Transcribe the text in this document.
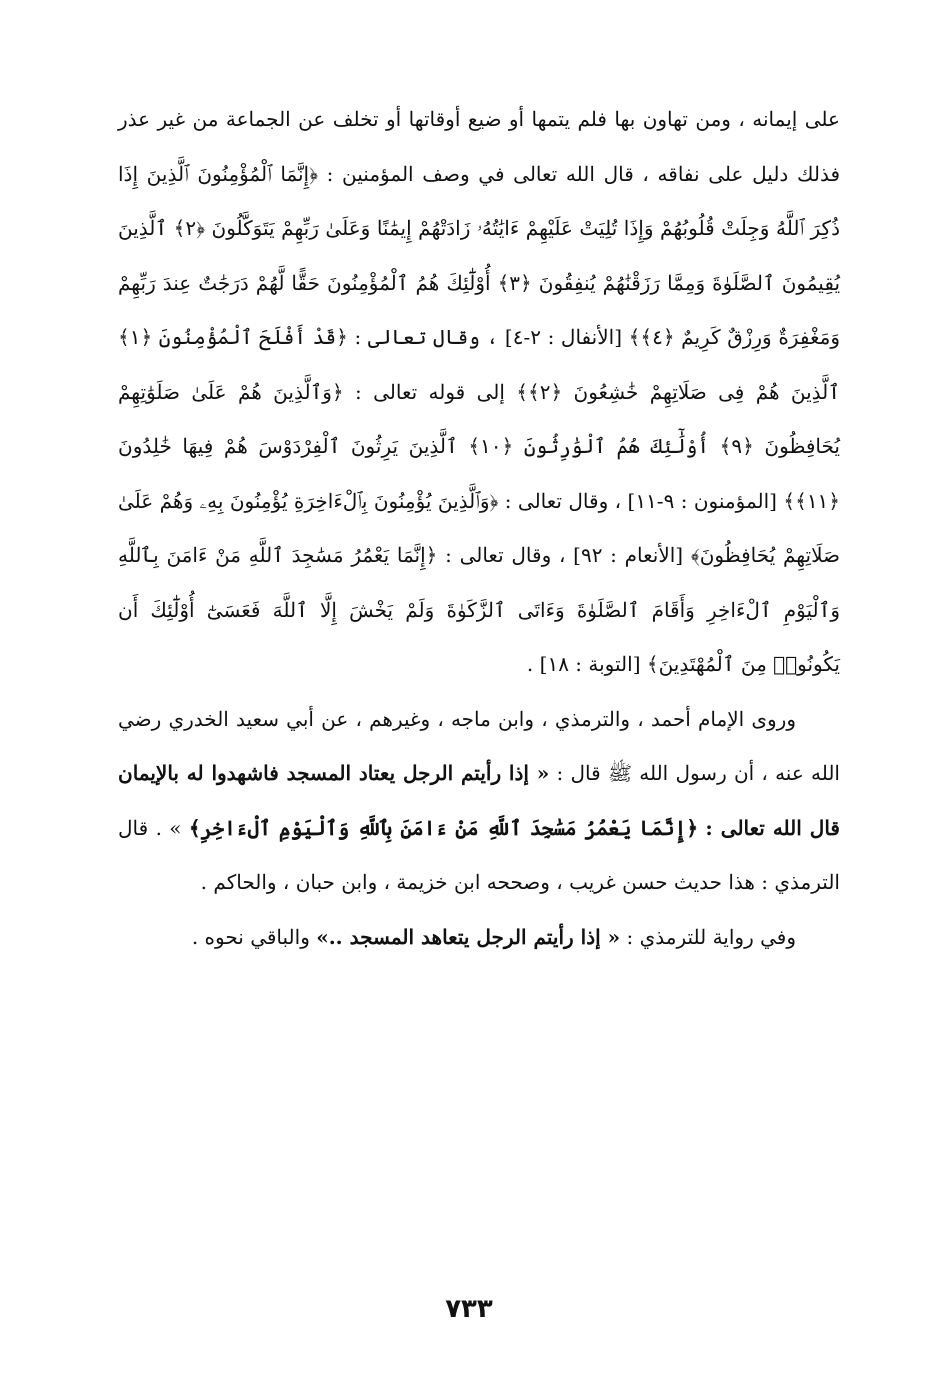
على إيمانه ، ومن تهاون بها فلم يتمها أو ضيع أوقاتها أو تخلف عن الجماعة من غير عذر فذلك دليل على نفاقه ، قال الله تعالى في وصف المؤمنين : ﴿إِنَّمَا ٱلْمُؤْمِنُونَ ٱلَّذِينَ إِذَا ذُكِرَ ٱللَّهُ وَجِلَتْ قُلُوبُهُمْ وَإِذَا تُلِيَتْ عَلَيْهِمْ ءَايَٰتُهُۥ زَادَتْهُمْ إِيمَٰنًا وَعَلَىٰ رَبِّهِمْ يَتَوَكَّلُونَ ﴿٢﴾ ٱلَّذِينَ يُقِيمُونَ ٱلصَّلَوٰةَ وَمِمَّا رَزَقْنَٰهُمْ يُنفِقُونَ ﴿٣﴾ أُوْلَٰٓئِكَ هُمُ ٱلْمُؤْمِنُونَ حَقًّا لَّهُمْ دَرَجَٰتٌ عِندَ رَبِّهِمْ وَمَغْفِرَةٌ وَرِزْقٌ كَرِيمٌ ﴿٤﴾﴾ [الأنفال : ٢-٤] ، وقال تعالى : ﴿قَدْ أَفْلَحَ ٱلْمُؤْمِنُونَ ﴿١﴾ ٱلَّذِينَ هُمْ فِى صَلَاتِهِمْ خَٰشِعُونَ ﴿٢﴾﴾ إلى قوله تعالى : ﴿وَٱلَّذِينَ هُمْ عَلَىٰ صَلَوَٰتِهِمْ يُحَافِظُونَ ﴿٩﴾ أُوْلَٰٓئِكَ هُمُ ٱلْوَٰرِثُونَ ﴿١٠﴾ ٱلَّذِينَ يَرِثُونَ ٱلْفِرْدَوْسَ هُمْ فِيهَا خَٰلِدُونَ ﴿١١﴾﴾ [المؤمنون : ٩-١١] ، وقال تعالى : ﴿وَٱلَّذِينَ يُؤْمِنُونَ بِٱلْءَاخِرَةِ يُؤْمِنُونَ بِهِۦ وَهُمْ عَلَىٰ صَلَاتِهِمْ يُحَافِظُونَ﴾ [الأنعام : ٩٢] ، وقال تعالى : ﴿إِنَّمَا يَعْمُرُ مَسَٰجِدَ ٱللَّهِ مَنْ ءَامَنَ بِٱللَّهِ وَٱلْيَوْمِ ٱلْءَاخِرِ وَأَقَامَ ٱلصَّلَوٰةَ وَءَاتَى ٱلزَّكَوٰةَ وَلَمْ يَخْشَ إِلَّا ٱللَّهَ فَعَسَىٰٓ أُوْلَٰٓئِكَ أَن يَكُونُوا۟ مِنَ ٱلْمُهْتَدِينَ﴾ [التوبة : ١٨] .

وروى الإمام أحمد ، والترمذي ، وابن ماجه ، وغيرهم ، عن أبي سعيد الخدري رضي الله عنه ، أن رسول الله ﷺ قال : « إذا رأيتم الرجل يعتاد المسجد فاشهدوا له بالإيمان قال الله تعالى : ﴿إِنَّمَا يَعْمُرُ مَسَٰجِدَ ٱللَّهِ مَنْ ءَامَنَ بِٱللَّهِ وَٱلْيَوْمِ ٱلْءَاخِرِ﴾ » . قال الترمذي : هذا حديث حسن غريب ، وصححه ابن خزيمة ، وابن حبان ، والحاكم .

وفي رواية للترمذي : « إذا رأيتم الرجل يتعاهد المسجد ..» والباقي نحوه .

٧٣٣
